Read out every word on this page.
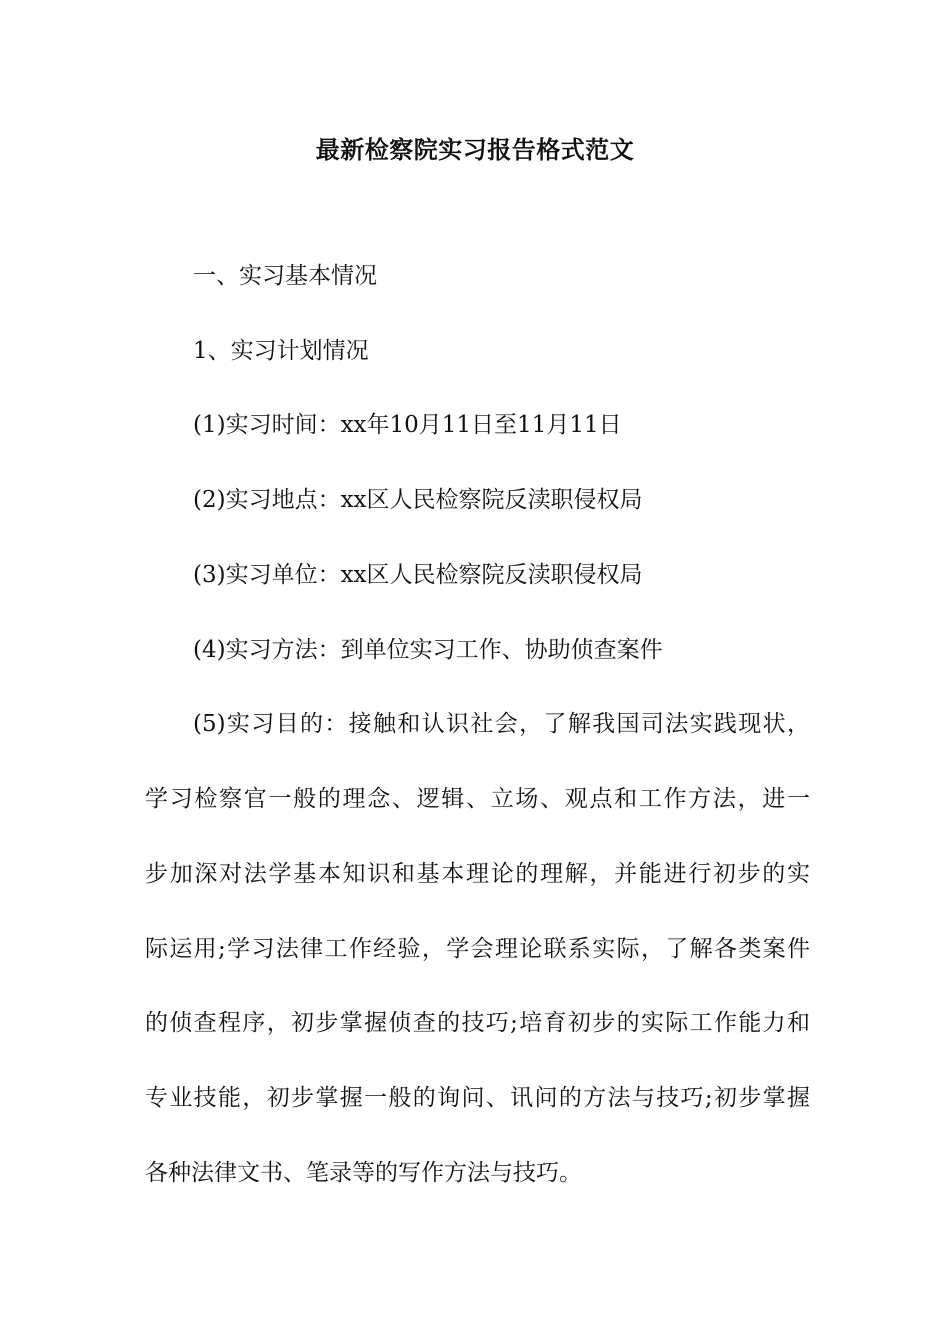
最新检察院实习报告格式范文
一、实习基本情况
1、实习计划情况
(1)实习时间：xx年10月11日至11月11日
(2)实习地点：xx区人民检察院反渎职侵权局
(3)实习单位：xx区人民检察院反渎职侵权局
(4)实习方法：到单位实习工作、协助侦查案件
(5)实习目的：接触和认识社会，了解我国司法实践现状，
学习检察官一般的理念、逻辑、立场、观点和工作方法，进一
步加深对法学基本知识和基本理论的理解，并能进行初步的实
际运用;学习法律工作经验，学会理论联系实际，了解各类案件
的侦查程序，初步掌握侦查的技巧;培育初步的实际工作能力和
专业技能，初步掌握一般的询问、讯问的方法与技巧;初步掌握
各种法律文书、笔录等的写作方法与技巧。
